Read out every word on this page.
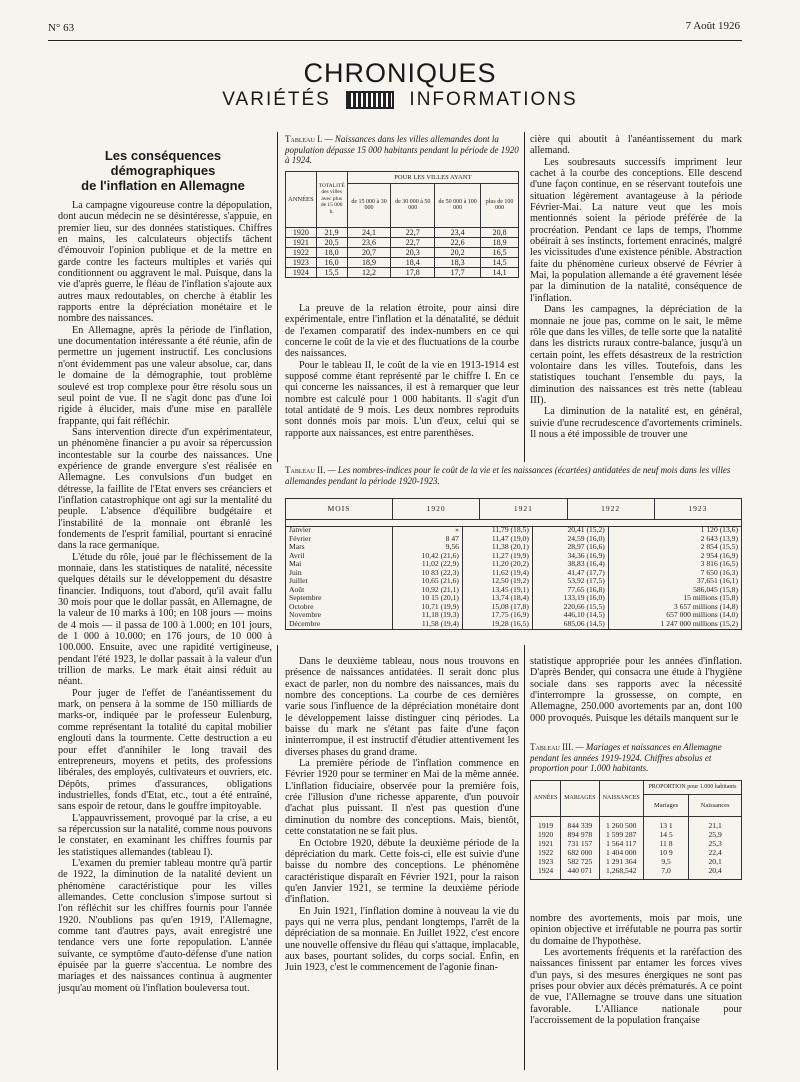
N° 63	7 Août 1926
CHRONIQUES
VARIÉTÉS	INFORMATIONS
Les conséquences démographiques
de l'inflation en Allemagne

La campagne vigoureuse contre la dépopulation, dont aucun médecin ne se désintéresse, s'appuie, en premier lieu, sur des données statistiques. Chiffres en mains, les calculateurs objectifs tâchent d'émouvoir l'opinion publique et de la mettre en garde contre les facteurs multiples et variés qui conditionnent ou aggravent le mal. Puisque, dans la vie d'après guerre, le fléau de l'inflation s'ajoute aux autres maux redoutables, on cherche à établir les rapports entre la dépréciation monétaire et le nombre des naissances.

En Allemagne, après la période de l'inflation, une documentation intéressante a été réunie, afin de permettre un jugement instructif. Les conclusions n'ont évidemment pas une valeur absolue, car, dans le domaine de la démographie, tout problème soulevé est trop complexe pour être résolu sous un seul point de vue. Il ne s'agit donc pas d'une loi rigide à élucider, mais d'une mise en parallèle frappante, qui fait réfléchir.

Sans intervention directe d'un expérimentateur, un phénomène financier a pu avoir sa répercussion incontestable sur la courbe des naissances. Une expérience de grande envergure s'est réalisée en Allemagne. Les convulsions d'un budget en détresse, la faillite de l'Etat envers ses créanciers et l'inflation catastrophique ont agi sur la mentalité du peuple. L'absence d'équilibre budgétaire et l'instabilité de la monnaie ont ébranlé les fondements de l'esprit familial, pourtant si enraciné dans la race germanique.

L'étude du rôle, joué par le fléchissement de la monnaie, dans les statistiques de natalité, nécessite quelques détails sur le développement du désastre financier. Indiquons, tout d'abord, qu'il avait fallu 30 mois pour que le dollar passât, en Allemagne, de la valeur de 10 marks à 100; en 108 jours — moins de 4 mois — il passa de 100 à 1.000; en 101 jours, de 1 000 à 10.000; en 176 jours, de 10 000 à 100.000. Ensuite, avec une rapidité vertigineuse, pendant l'été 1923, le dollar passait à la valeur d'un trillion de marks. Le mark était ainsi réduit au néant.

Pour juger de l'effet de l'anéantissement du mark, on pensera à la somme de 150 milliards de marks-or, indiquée par le professeur Eulenburg, comme représentant la totalité du capital mobilier englouti dans la tourmente. Cette destruction a eu pour effet d'annihiler le long travail des entrepreneurs, moyens et petits, des professions libérales, des employés, cultivateurs et ouvriers, etc. Dépôts, primes d'assurances, obligations industrielles, fonds d'Etat, etc., tout a été entraîné, sans espoir de retour, dans le gouffre impitoyable.

L'appauvrissement, provoqué par la crise, a eu sa répercussion sur la natalité, comme nous pouvons le constater, en examinant les chiffres fournis par les statistiques allemandes (tableau I).

L'examen du premier tableau montre qu'à partir de 1922, la diminution de la natalité devient un phénomène caractéristique pour les villes allemandes. Cette conclusion s'impose surtout si l'on réfléchit sur les chiffres fournis pour l'année 1920. N'oublions pas qu'en 1919, l'Allemagne, comme tant d'autres pays, avait enregistré une tendance vers une forte repopulation. L'année suivante, ce symptôme d'auto-défense d'une nation épuisée par la guerre s'accentua. Le nombre des mariages et des naissances continua à augmenter jusqu'au moment où l'inflation bouleversa tout.

Tableau I. — Naissances dans les villes allemandes dont la population dépasse 15 000 habitants pendant la période de 1920 à 1924.
ANNÉES	TOTALITÉ des villes avec plus de 15 000 h.	POUR LES VILLES AYANT			
		de 15 000 à 30 000	de 30 000 à 50 000	de 50 000 à 100 000	plus de 100 000
1920	21,9	24,1	22,7	23,4	20,8
1921	20,5	23,6	22,7	22,6	18,9
1922	18,0	20,7	20,3	20,2	16,5
1923	16,0	18,9	18,4	18,3	14,5
1924	15,5	12,2	17,8	17,7	14,1

La preuve de la relation étroite, pour ainsi dire expérimentale, entre l'inflation et la dénatalité, se déduit de l'examen comparatif des index-numbers en ce qui concerne le coût de la vie et des fluctuations de la courbe des naissances.

Pour le tableau II, le coût de la vie en 1913-1914 est supposé comme étant représenté par le chiffre I. En ce qui concerne les naissances, il est à remarquer que leur nombre est calculé pour 1 000 habitants. Il s'agit d'un total antidaté de 9 mois. Les deux nombres reproduits sont donnés mois par mois. L'un d'eux, celui qui se rapporte aux naissances, est entre parenthèses.

cière qui aboutit à l'anéantissement du mark allemand.

Les soubresauts successifs impriment leur cachet à la courbe des conceptions. Elle descend d'une façon continue, en se réservant toutefois une situation légèrement avantageuse à la période Février-Mai. La nature veut que les mois mentionnés soient la période préférée de la procréation. Pendant ce laps de temps, l'homme obéirait à ses instincts, fortement enracinés, malgré les vicissitudes d'une existence pénible. Abstraction faite du phénomène curieux observé de Février à Mai, la population allemande a été gravement lésée par la diminution de la natalité, conséquence de l'inflation.

Dans les campagnes, la dépréciation de la monnaie ne joue pas, comme on le sait, le même rôle que dans les villes, de telle sorte que la natalité dans les districts ruraux contre-balance, jusqu'à un certain point, les effets désastreux de la restriction volontaire dans les villes. Toutefois, dans les statistiques touchant l'ensemble du pays, la diminution des naissances est très nette (tableau III).

La diminution de la natalité est, en général, suivie d'une recrudescence d'avortements criminels. Il nous a été impossible de trouver une

Tableau II. — Les nombres-indices pour le coût de la vie et les naissances (écartées) antidatées de neuf mois dans les villes allemandes pendant la période 1920-1923.
MOIS	1920	1921	1922	1923

Janvier	»	11,79 (18,5)	20,41 (15,2)	1 120 (13,6)
Février	8 47	11,47 (19,0)	24,59 (16,0)	2 643 (13,9)
Mars	9,56	11,38 (20,1)	28,97 (16,6)	2 854 (15,5)
Avril	10,42 (21,6)	11,27 (19,9)	34,36 (16,9)	2 954 (16,9)
Mai	11,02 (22,9)	11,20 (20,2)	38,83 (16,4)	3 816 (16,5)
Juin	10 83 (22,3)	11,62 (19,4)	41,47 (17,7)	7 650 (16,3)
Juillet	10,65 (21,6)	12,50 (19,2)	53,92 (17,5)	37,651 (16,1)
Août	10,92 (21,1)	13,45 (19,1)	77,65 (16,8)	586,045 (15,8)
Septembre	10 15 (20,1)	13,74 (18,4)	133,19 (16,0)	15 millions (15,8)
Octobre	10,71 (19,9)	15,08 (17,8)	220,66 (15,5)	3 657 millions (14,8)
Novembre	11,18 (19,3)	17,75 (16,9)	446,10 (14,5)	657 000 millions (14,0)
Décembre	11,58 (19,4)	19,28 (16,5)	685,06 (14,5)	1 247 000 millions (15,2)

Dans le deuxième tableau, nous nous trouvons en présence de naissances antidatées. Il serait donc plus exact de parler, non du nombre des naissances, mais du nombre des conceptions. La courbe de ces dernières varie sous l'influence de la dépréciation monétaire dont le développement laisse distinguer cinq périodes. La baisse du mark ne s'étant pas faite d'une façon ininterrompue, il est instructif d'étudier attentivement les diverses phases du grand drame.

La première période de l'inflation commence en Février 1920 pour se terminer en Mai de la même année. L'inflation fiduciaire, observée pour la première fois, crée l'illusion d'une richesse apparente, d'un pouvoir d'achat plus puissant. Il n'est pas question d'une diminution du nombre des conceptions. Mais, bientôt, cette constatation ne se fait plus.

En Octobre 1920, débute la deuxième période de la dépréciation du mark. Cette fois-ci, elle est suivie d'une baisse du nombre des conceptions. Le phénomène caractéristique disparaît en Février 1921, pour la raison qu'en Janvier 1921, se termine la deuxième période d'inflation.

En Juin 1921, l'inflation domine à nouveau la vie du pays qui ne verra plus, pendant longtemps, l'arrêt de la dépréciation de sa monnaie. En Juillet 1922, c'est encore une nouvelle offensive du fléau qui s'attaque, implacable, aux bases, pourtant solides, du corps social. Enfin, en Juin 1923, c'est le commencement de l'agonie finan-

statistique appropriée pour les années d'inflation. D'après Bender, qui consacra une étude à l'hygiène sociale dans ses rapports avec la nécessité d'interrompre la grossesse, on compte, en Allemagne, 250.000 avortements par an, dont 100 000 provoqués. Puisque les détails manquent sur le

Tableau III. — Mariages et naissances en Allemagne pendant les années 1919-1924. Chiffres absolus et proportion pour 1.000 habitants.
ANNÉES	MARIAGES	NAISSANCES	PROPORTION pour 1.000 habitants	
			Mariages	Naissances
1919	844 339	1 260 500	13 1	21,1
1920	894 978	1 599 287	14 5	25,9
1921	731 157	1 564 117	11 8	25,3
1922	682 000	1 404 000	10 9	22,4
1923	582 725	1 291 364	9,5	20,1
1924	440 071	1,268,542	7,0	20,4

nombre des avortements, mois par mois, une opinion objective et irréfutable ne pourra pas sortir du domaine de l'hypothèse.

Les avortements fréquents et la raréfaction des naissances finissent par entamer les forces vives d'un pays, si des mesures énergiques ne sont pas prises pour obvier aux décès prématurés. A ce point de vue, l'Allemagne se trouve dans une situation favorable. L'Alliance nationale pour l'accroissement de la population française
